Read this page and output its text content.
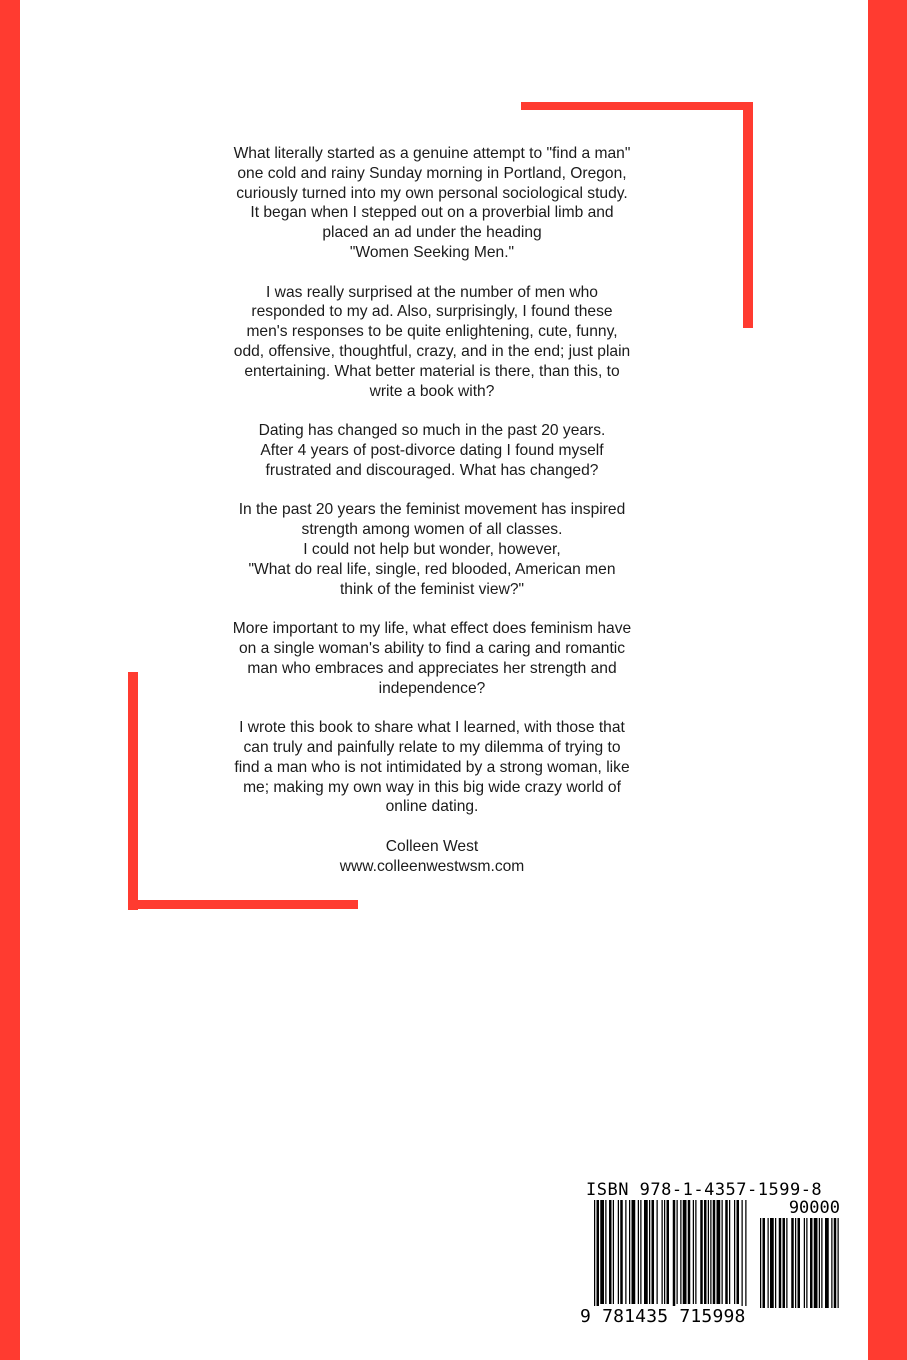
What literally started as a genuine attempt to "find a man"
one cold and rainy Sunday morning in Portland, Oregon,
curiously turned into my own personal sociological study.
It began when I stepped out on a proverbial limb and
placed an ad under the heading
"Women Seeking Men."

I was really surprised at the number of men who
responded to my ad. Also, surprisingly, I found these
men's responses to be quite enlightening, cute, funny,
odd, offensive, thoughtful, crazy, and in the end; just plain
entertaining. What better material is there, than this, to
write a book with?

Dating has changed so much in the past 20 years.
After 4 years of post-divorce dating I found myself
frustrated and discouraged. What has changed?

In the past 20 years the feminist movement has inspired
strength among women of all classes.
I could not help but wonder, however,
"What do real life, single, red blooded, American men
think of the feminist view?"

More important to my life, what effect does feminism have
on a single woman's ability to find a caring and romantic
man who embraces and appreciates her strength and
independence?

I wrote this book to share what I learned, with those that
can truly and painfully relate to my dilemma of trying to
find a man who is not intimidated by a strong woman, like
me; making my own way in this big wide crazy world of
online dating.

Colleen West
www.colleenwestwsm.com

ISBN 978-1-4357-1599-8
90000
9 781435 715998
